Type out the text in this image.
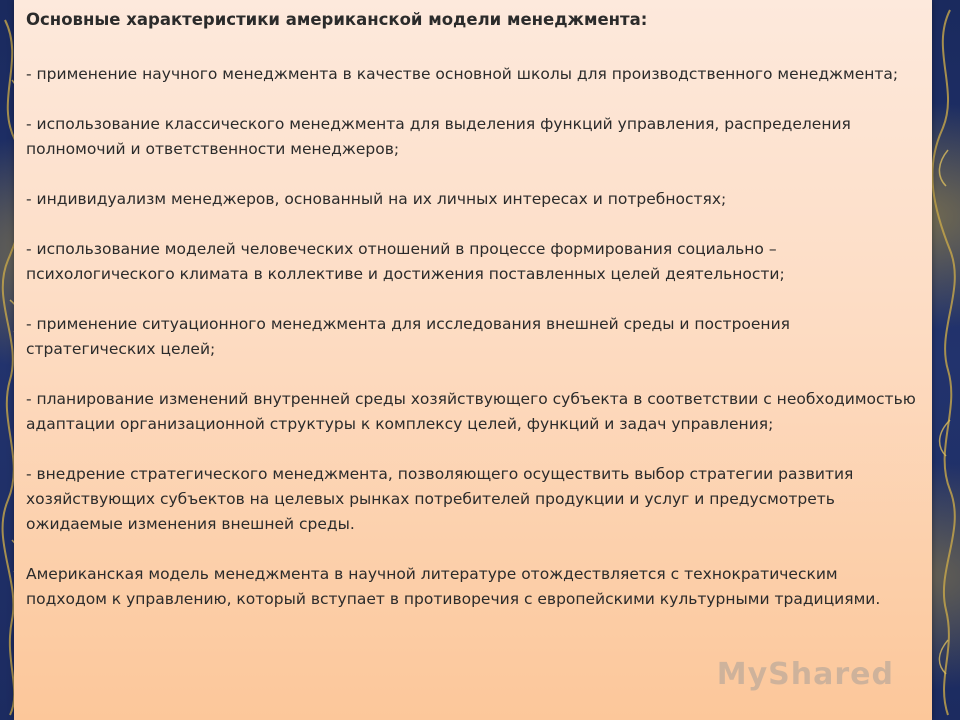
Основные характеристики американской модели менеджмента:
- применение научного менеджмента в качестве основной школы для производственного менеджмента;
- использование классического менеджмента для выделения функций управления, распределения полномочий и ответственности менеджеров;
- индивидуализм менеджеров, основанный на их личных интересах и потребностях;
- использование моделей человеческих отношений в процессе формирования социально – психологического климата в коллективе и достижения поставленных целей деятельности;
- применение ситуационного менеджмента для исследования внешней среды и построения стратегических целей;
- планирование изменений внутренней среды хозяйствующего субъекта в соответствии с необходимостью адаптации организационной структуры к комплексу целей, функций и задач управления;
- внедрение стратегического менеджмента, позволяющего осуществить выбор стратегии развития хозяйствующих субъектов на целевых рынках потребителей продукции и услуг и предусмотреть ожидаемые изменения внешней среды.
Американская модель менеджмента в научной литературе отождествляется с технократическим подходом к управлению, который вступает в противоречия с европейскими культурными традициями.
MyShared
